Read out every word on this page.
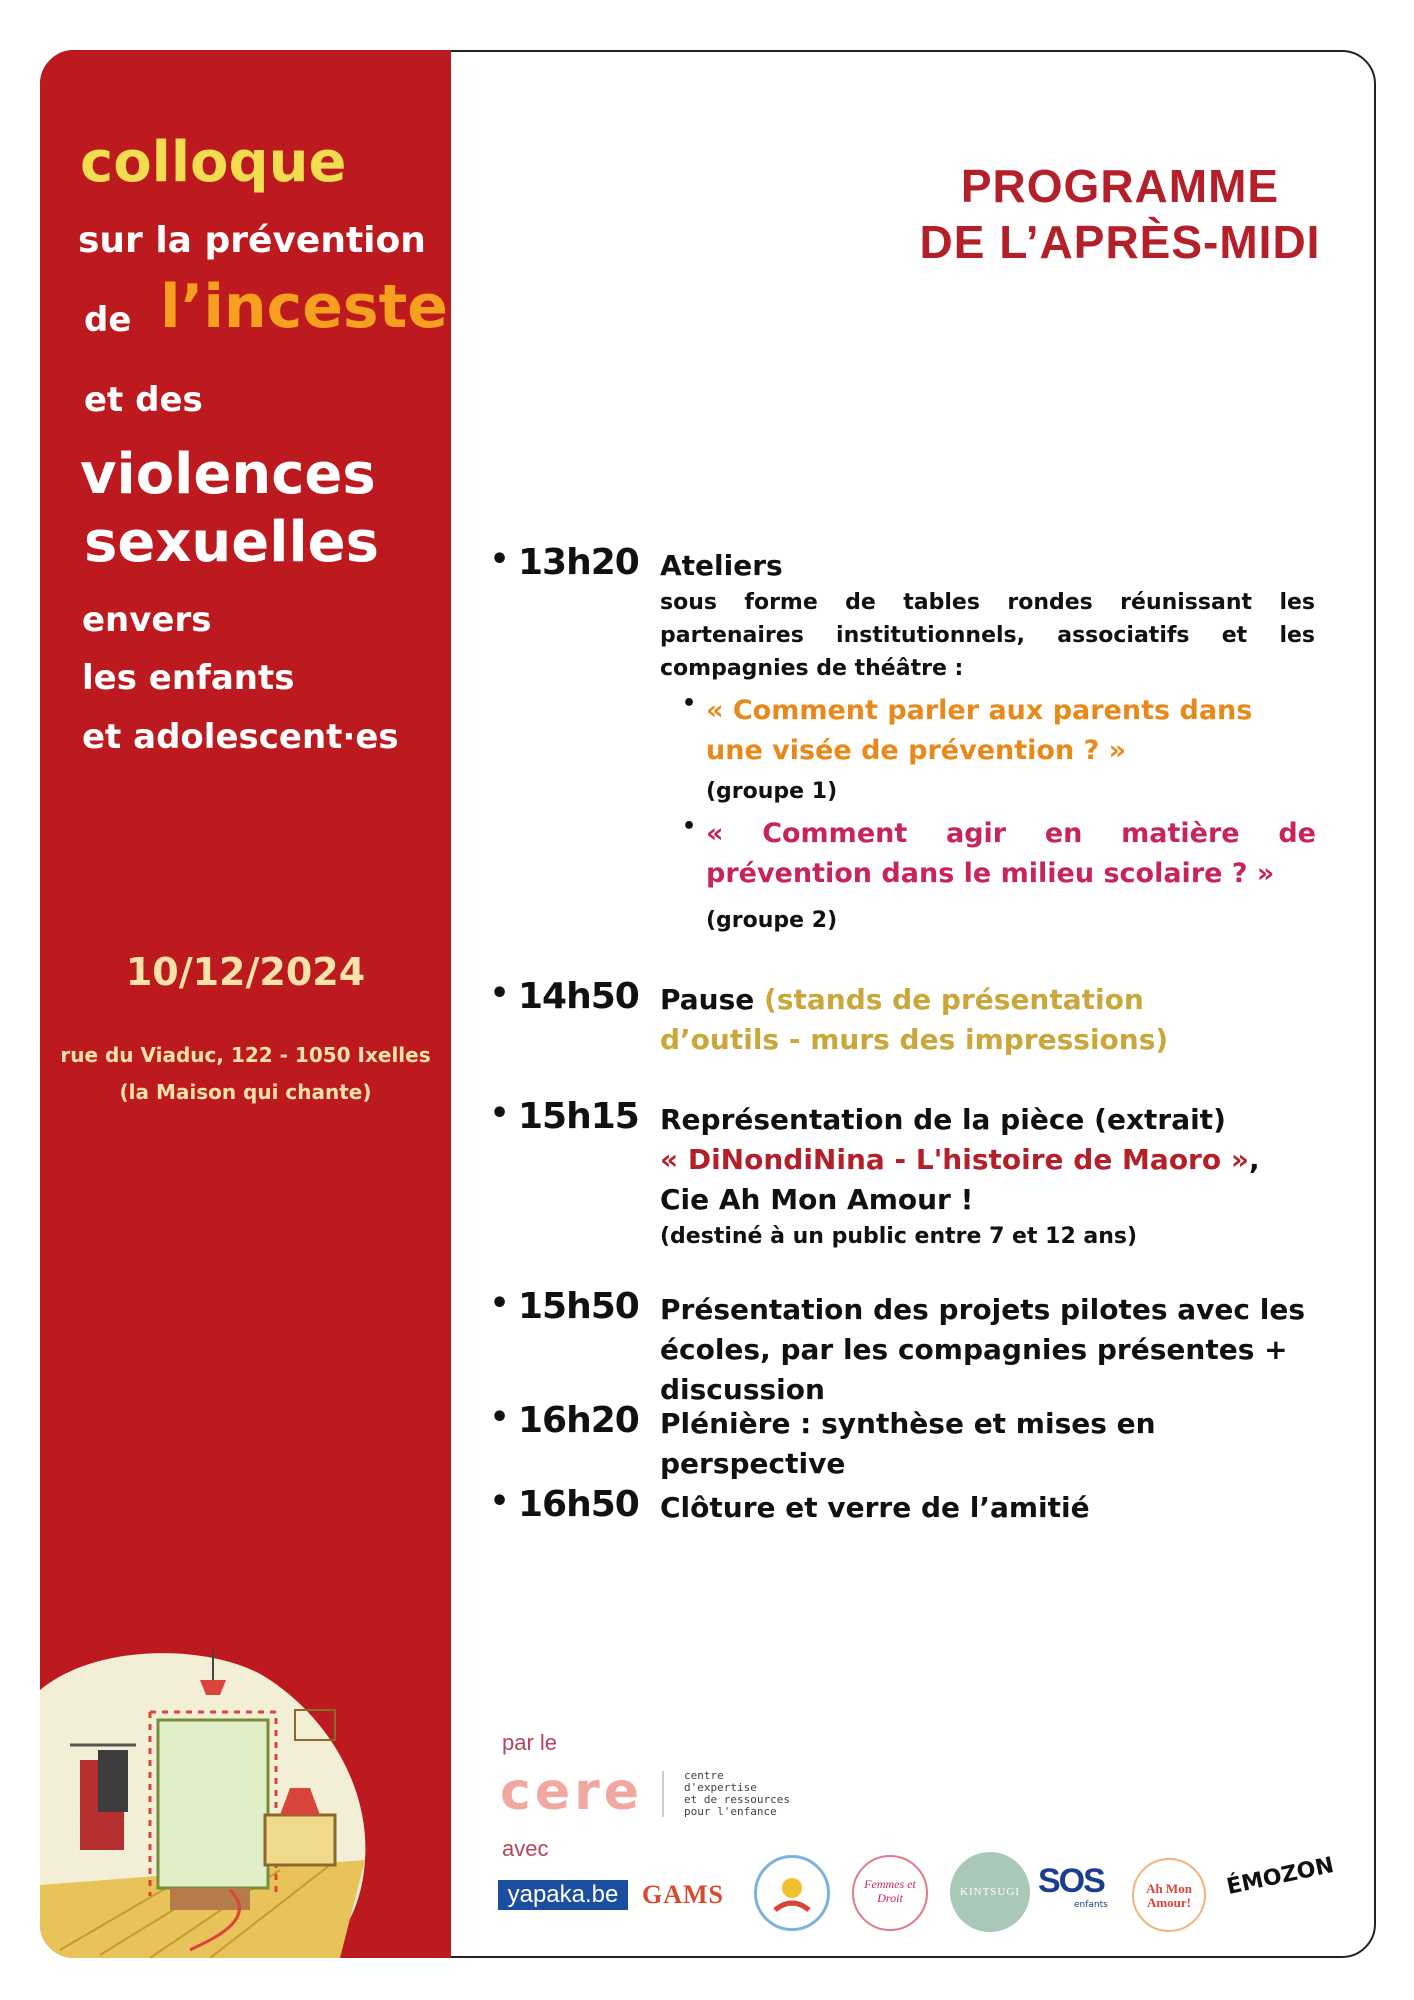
colloque
sur la prévention
de l’inceste
et des
violences
sexuelles
envers
les enfants
et adolescent·es
10/12/2024
rue du Viaduc, 122 - 1050 Ixelles
(la Maison qui chante)
PROGRAMME
DE L’APRÈS-MIDI
• 13h20 Ateliers
sous forme de tables rondes réunissant les partenaires institutionnels, associatifs et les compagnies de théâtre :
• « Comment parler aux parents dans une visée de prévention ? »
(groupe 1)
• « Comment agir en matière de prévention dans le milieu scolaire ? »
(groupe 2)
• 14h50 Pause (stands de présentation d’outils - murs des impressions)
• 15h15 Représentation de la pièce (extrait)
« DiNondiNina - L'histoire de Maoro »,
Cie Ah Mon Amour !
(destiné à un public entre 7 et 12 ans)
• 15h50 Présentation des projets pilotes avec les écoles, par les compagnies présentes + discussion
• 16h20 Plénière : synthèse et mises en perspective
• 16h50 Clôture et verre de l’amitié
par le
cere	centre
d'expertise
et de ressources
pour l'enfance
avec
yapaka.be GAMS	Femmes et Droit	KINTSUGI SOS
enfants
Ah Mon Amour!
ÉMOZON
